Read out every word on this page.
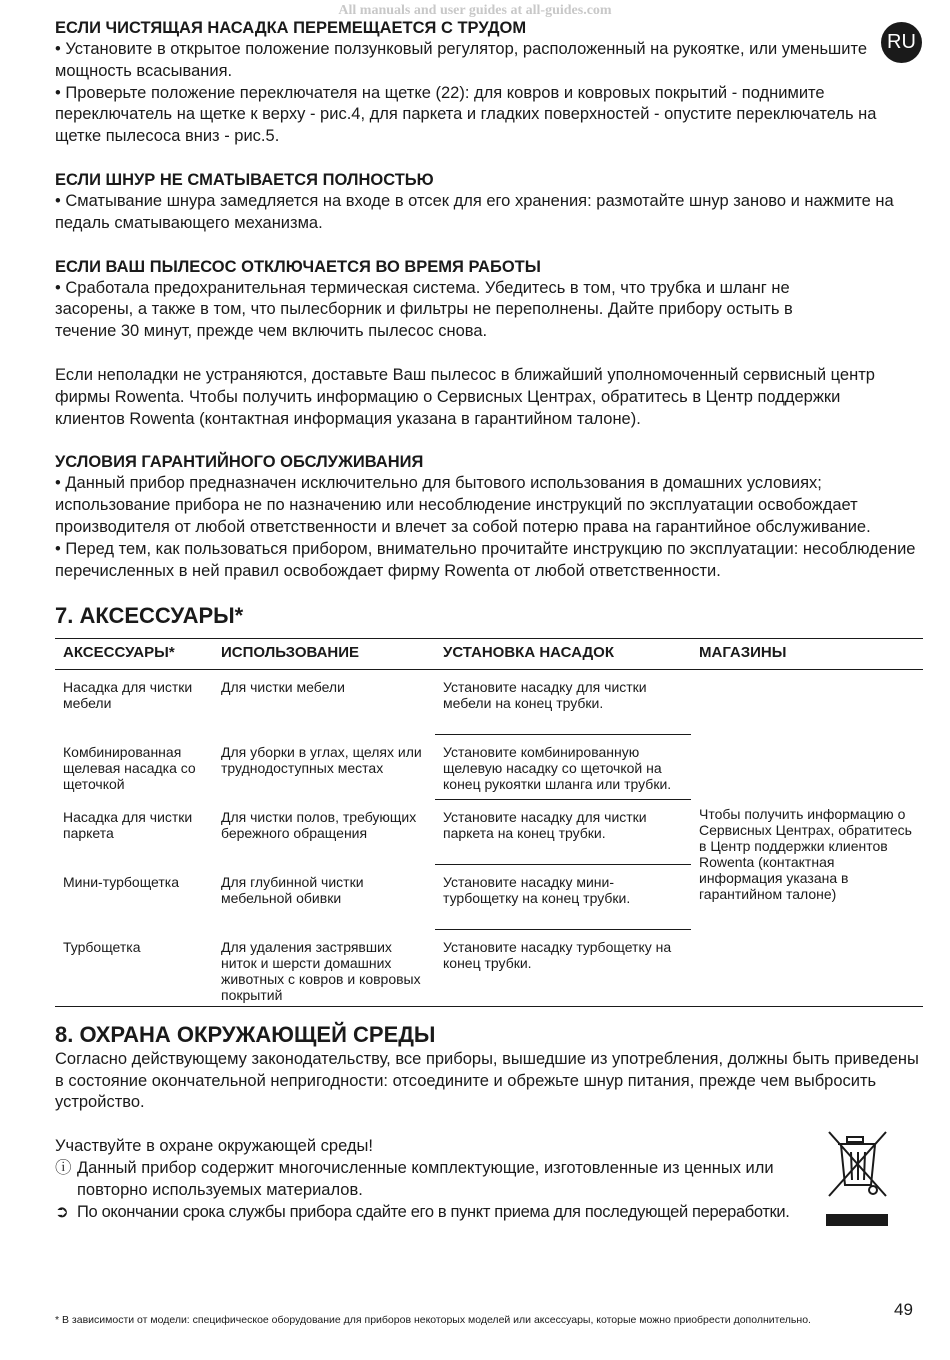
All manuals and user guides at all-guides.com
RU
ЕСЛИ ЧИСТЯЩАЯ НАСАДКА ПЕРЕМЕЩАЕТСЯ С ТРУДОМ

• Установите в открытое положение ползунковый регулятор, расположенный на рукоятке, или уменьшите мощность всасывания.

• Проверьте положение переключателя на щетке (22): для ковров и ковровых покрытий - поднимите переключатель на щетке к верху - рис.4, для паркета и гладких поверхностей - опустите переключатель на щетке пылесоса вниз - рис.5.

ЕСЛИ ШНУР НЕ СМАТЫВАЕТСЯ ПОЛНОСТЬЮ

• Сматывание шнура замедляется на входе в отсек для его хранения: размотайте шнур заново и нажмите на педаль сматывающего механизма.

ЕСЛИ ВАШ ПЫЛЕСОС ОТКЛЮЧАЕТСЯ ВО ВРЕМЯ РАБОТЫ

• Сработала предохранительная термическая система. Убедитесь в том, что трубка и шланг не засорены, а также в том, что пылесборник и фильтры не переполнены. Дайте прибору остыть в течение 30 минут, прежде чем включить пылесос снова.

Если неполадки не устраняются, доставьте Ваш пылесос в ближайший уполномоченный сервисный центр фирмы Rowenta. Чтобы получить информацию о Сервисных Центрах, обратитесь в Центр поддержки клиентов Rowenta (контактная информация указана в гарантийном талоне).

УСЛОВИЯ ГАРАНТИЙНОГО ОБСЛУЖИВАНИЯ

• Данный прибор предназначен исключительно для бытового использования в домашних условиях; использование прибора не по назначению или несоблюдение инструкций по эксплуатации освобождает производителя от любой ответственности и влечет за собой потерю права на гарантийное обслуживание.

• Перед тем, как пользоваться прибором, внимательно прочитайте инструкцию по эксплуатации: несоблюдение перечисленных в ней правил освобождает фирму Rowenta от любой ответственности.

7. АКСЕССУАРЫ*
АКСЕССУАРЫ*	ИСПОЛЬЗОВАНИЕ	УСТАНОВКА НАСАДОК	МАГАЗИНЫ
Насадка для чистки мебели	Для чистки мебели	Установите насадку для чистки мебели на конец трубки.	Чтобы получить информацию о Сервисных Центрах, обратитесь в Центр поддержки клиентов Rowenta (контактная информация указана в гарантийном талоне)
Комбинированная щелевая насадка со щеточкой	Для уборки в углах, щелях или труднодоступных местах	Установите комбинированную щелевую насадку со щеточкой на конец рукоятки шланга или трубки.	
Насадка для чистки паркета	Для чистки полов, требующих бережного обращения	Установите насадку для чистки паркета на конец трубки.	
Мини-турбощетка	Для глубинной чистки мебельной обивки	Установите насадку мини-турбощетку на конец трубки.	
Турбощетка	Для удаления застрявших ниток и шерсти домашних животных с ковров и ковровых покрытий	Установите насадку турбощетку на конец трубки.	
8. ОХРАНА ОКРУЖАЮЩЕЙ СРЕДЫ

Согласно действующему законодательству, все приборы, вышедшие из употребления, должны быть приведены в состояние окончательной непригодности: отсоедините и обрежьте шнур питания, прежде чем выбросить устройство.

Участвуйте в охране окружающей среды!

ⓘ Данный прибор содержит многочисленные комплектующие, изготовленные из ценных или повторно используемых материалов.
➲ По окончании срока службы прибора сдайте его в пункт приема для последующей переработки.
* В зависимости от модели: специфическое оборудование для приборов некоторых моделей или аксессуары, которые можно приобрести дополнительно.
49
